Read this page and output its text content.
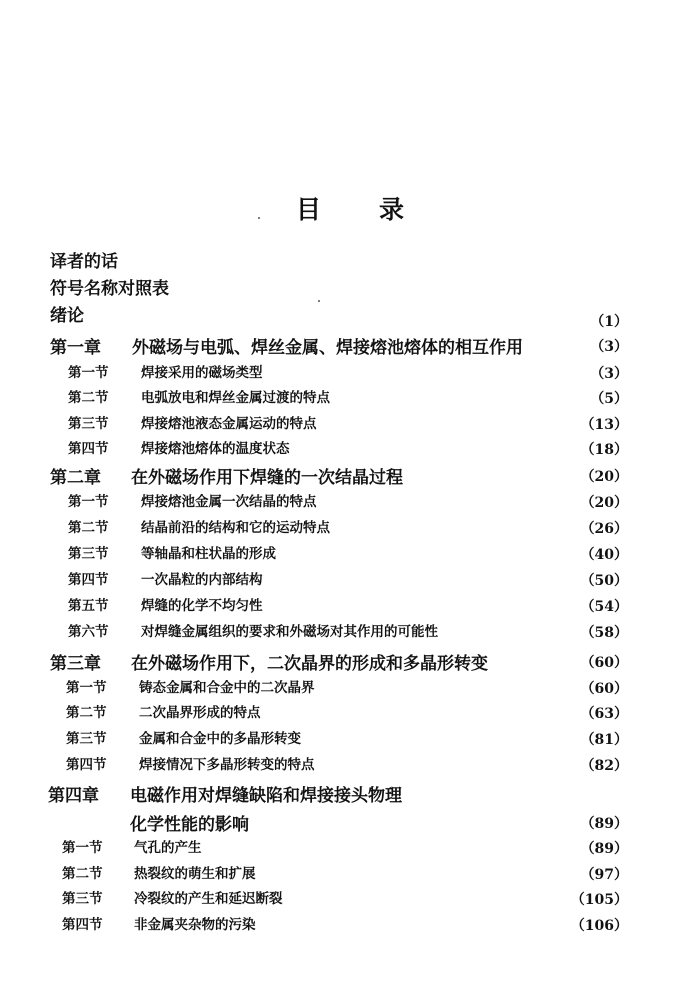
目 录
译者的话
符号名称对照表
绪论	（1）
第一章 外磁场与电弧、焊丝金属、焊接熔池熔体的相互作用	（3）
第一节 焊接采用的磁场类型	（3）
第二节 电弧放电和焊丝金属过渡的特点	（5）
第三节 焊接熔池液态金属运动的特点	（13）
第四节 焊接熔池熔体的温度状态	（18）
第二章 在外磁场作用下焊缝的一次结晶过程	（20）
第一节 焊接熔池金属一次结晶的特点	（20）
第二节 结晶前沿的结构和它的运动特点	（26）
第三节 等轴晶和柱状晶的形成	（40）
第四节 一次晶粒的内部结构	（50）
第五节 焊缝的化学不均匀性	（54）
第六节 对焊缝金属组织的要求和外磁场对其作用的可能性	（58）
第三章 在外磁场作用下，二次晶界的形成和多晶形转变	（60）
第一节 铸态金属和合金中的二次晶界	（60）
第二节 二次晶界形成的特点	（63）
第三节 金属和合金中的多晶形转变	（81）
第四节 焊接情况下多晶形转变的特点	（82）
第四章 电磁作用对焊缝缺陷和焊接接头物理
化学性能的影响	（89）
第一节 气孔的产生	（89）
第二节 热裂纹的萌生和扩展	（97）
第三节 冷裂纹的产生和延迟断裂	（105）
第四节 非金属夹杂物的污染	（106）
